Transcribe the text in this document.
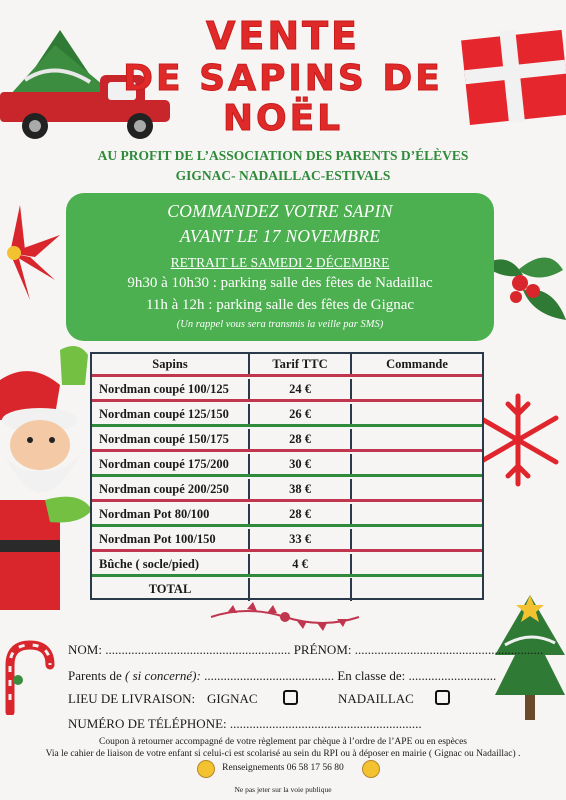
VENTE
DE SAPINS DE
NOËL
AU PROFIT DE L’ASSOCIATION DES PARENTS D’ÉLÈVES
GIGNAC- NADAILLAC-ESTIVALS
COMMANDEZ VOTRE SAPIN
AVANT LE 17 NOVEMBRE
RETRAIT LE SAMEDI 2 DÉCEMBRE
9h30 à 10h30 : parking salle des fêtes de Nadaillac
11h à 12h : parking salle des fêtes de Gignac
(Un rappel vous sera transmis la veille par SMS)
Sapins	Tarif TTC	Commande
Nordman coupé 100/125	24 €
Nordman coupé 125/150	26 €
Nordman coupé 150/175	28 €
Nordman coupé 175/200	30 €
Nordman coupé 200/250	38 €
Nordman Pot 80/100	28 €
Nordman Pot 100/150	33 €
Bûche ( socle/pied)	4 €
TOTAL
NOM: ......................................................... PRÉNOM: ..........................................................
Parents de ( si concerné): ........................................ En classe de: ...........................
LIEU DE LIVRAISON: GIGNAC	NADAILLAC
NUMÉRO DE TÉLÉPHONE: ...........................................................
Coupon à retourner accompagné de votre règlement par chèque à l’ordre de l’APE ou en espèces
Via le cahier de liaison de votre enfant si celui-ci est scolarisé au sein du RPI ou à déposer en mairie ( Gignac ou Nadaillac) .
Renseignements 06 58 17 56 80
Ne pas jeter sur la voie publique
